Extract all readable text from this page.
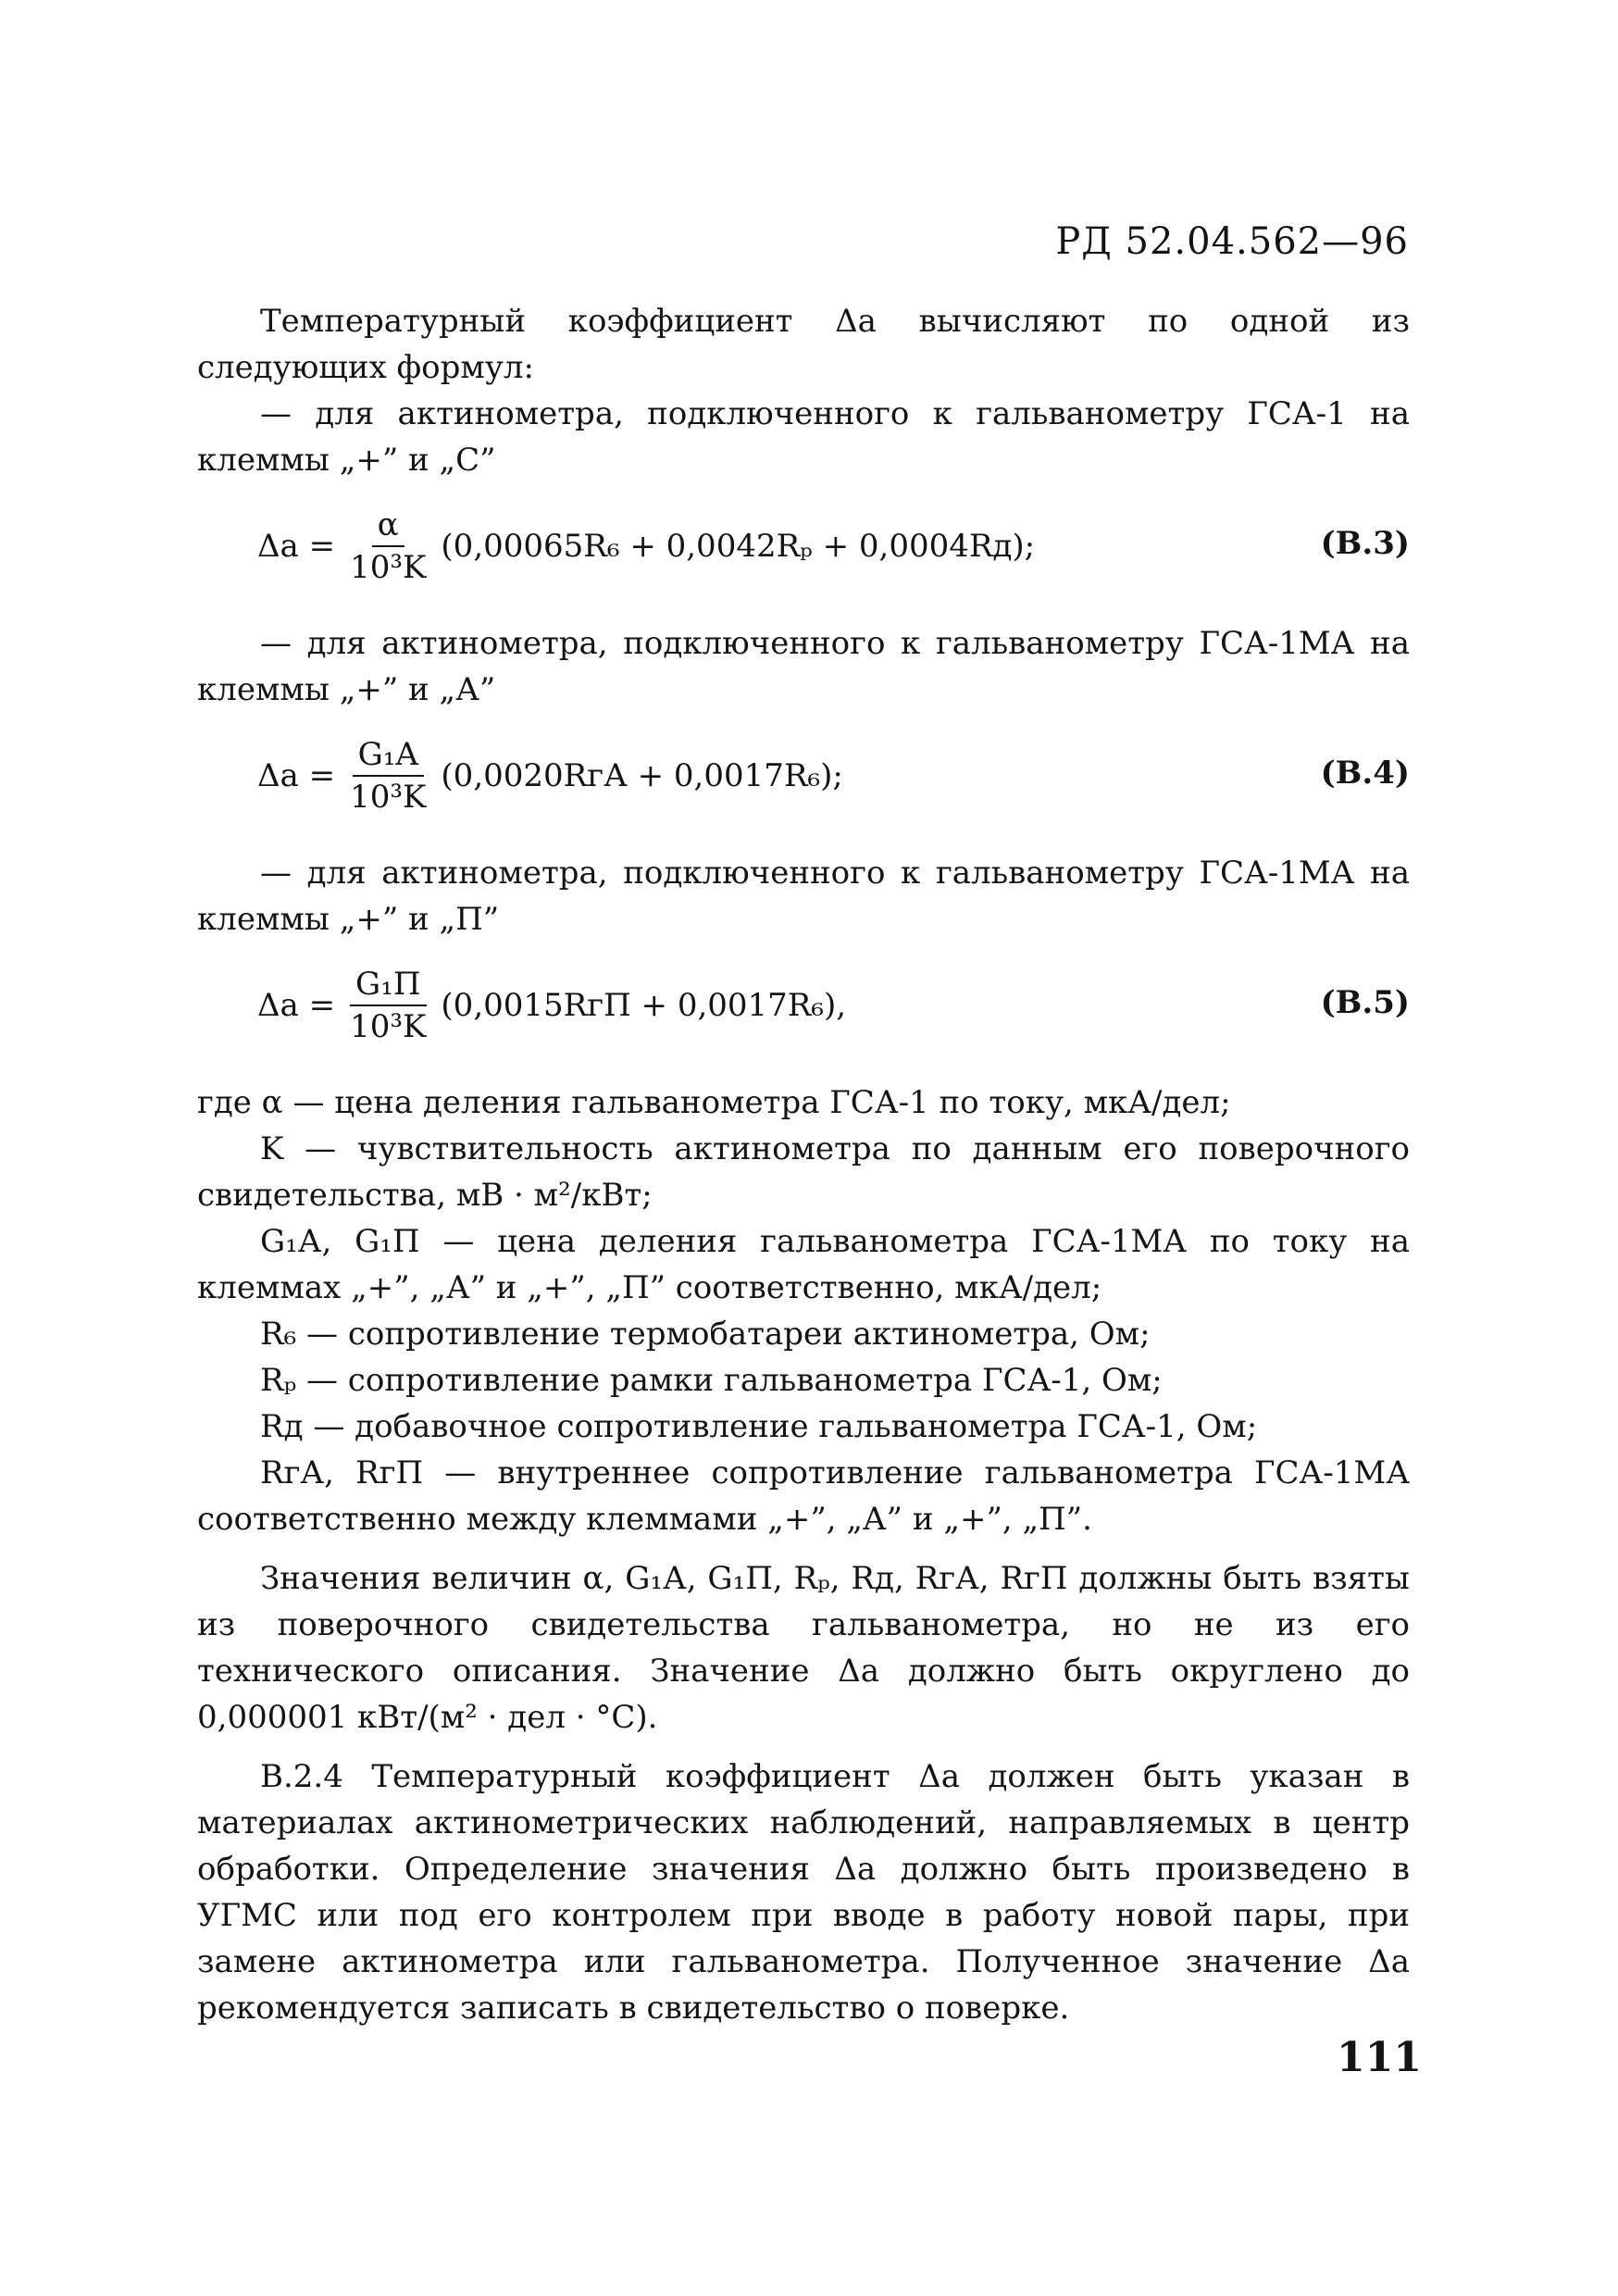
РД 52.04.562—96

Температурный коэффициент Δa вычисляют по одной из следующих формул:

— для актинометра, подключенного к гальванометру ГСА-1 на клеммы „+” и „С”

$\Delta a = \frac{\alpha}{\text{10³K}} (0,00065R_6 + 0,0042R_p + 0,0004Rд)$;	(В.3)

— для актинометра, подключенного к гальванометру ГСА-1МА на клеммы „+” и „А”

$\Delta a = \frac{\text{G₁A}}{\text{10³K}} (0,0020RгА + 0,0017R_6)$;	(В.4)

— для актинометра, подключенного к гальванометру ГСА-1МА на клеммы „+” и „П”

$\Delta a = \frac{\text{G₁П}}{\text{10³K}} (0,0015RгП + 0,0017R_6)$,	(В.5)

где α — цена деления гальванометра ГСА-1 по току, мкА/дел;

K — чувствительность актинометра по данным его поверочного свидетельства, мВ · м²/кВт;

G₁А, G₁П — цена деления гальванометра ГСА-1МА по току на клеммах „+”, „А” и „+”, „П” соответственно, мкА/дел;

R₆ — сопротивление термобатареи актинометра, Ом;

Rₚ — сопротивление рамки гальванометра ГСА-1, Ом;

Rд — добавочное сопротивление гальванометра ГСА-1, Ом;

RгА, RгП — внутреннее сопротивление гальванометра ГСА-1МА соответственно между клеммами „+”, „А” и „+”, „П”.

Значения величин α, G₁А, G₁П, Rₚ, Rд, RгА, RгП должны быть взяты из поверочного свидетельства гальванометра, но не из его технического описания. Значение Δa должно быть округлено до 0,000001 кВт/(м² · дел · °С).

В.2.4 Температурный коэффициент Δa должен быть указан в материалах актинометрических наблюдений, направляемых в центр обработки. Определение значения Δa должно быть произведено в УГМС или под его контролем при вводе в работу новой пары, при замене актинометра или гальванометра. Полученное значение Δa рекомендуется записать в свидетельство о поверке.

111
